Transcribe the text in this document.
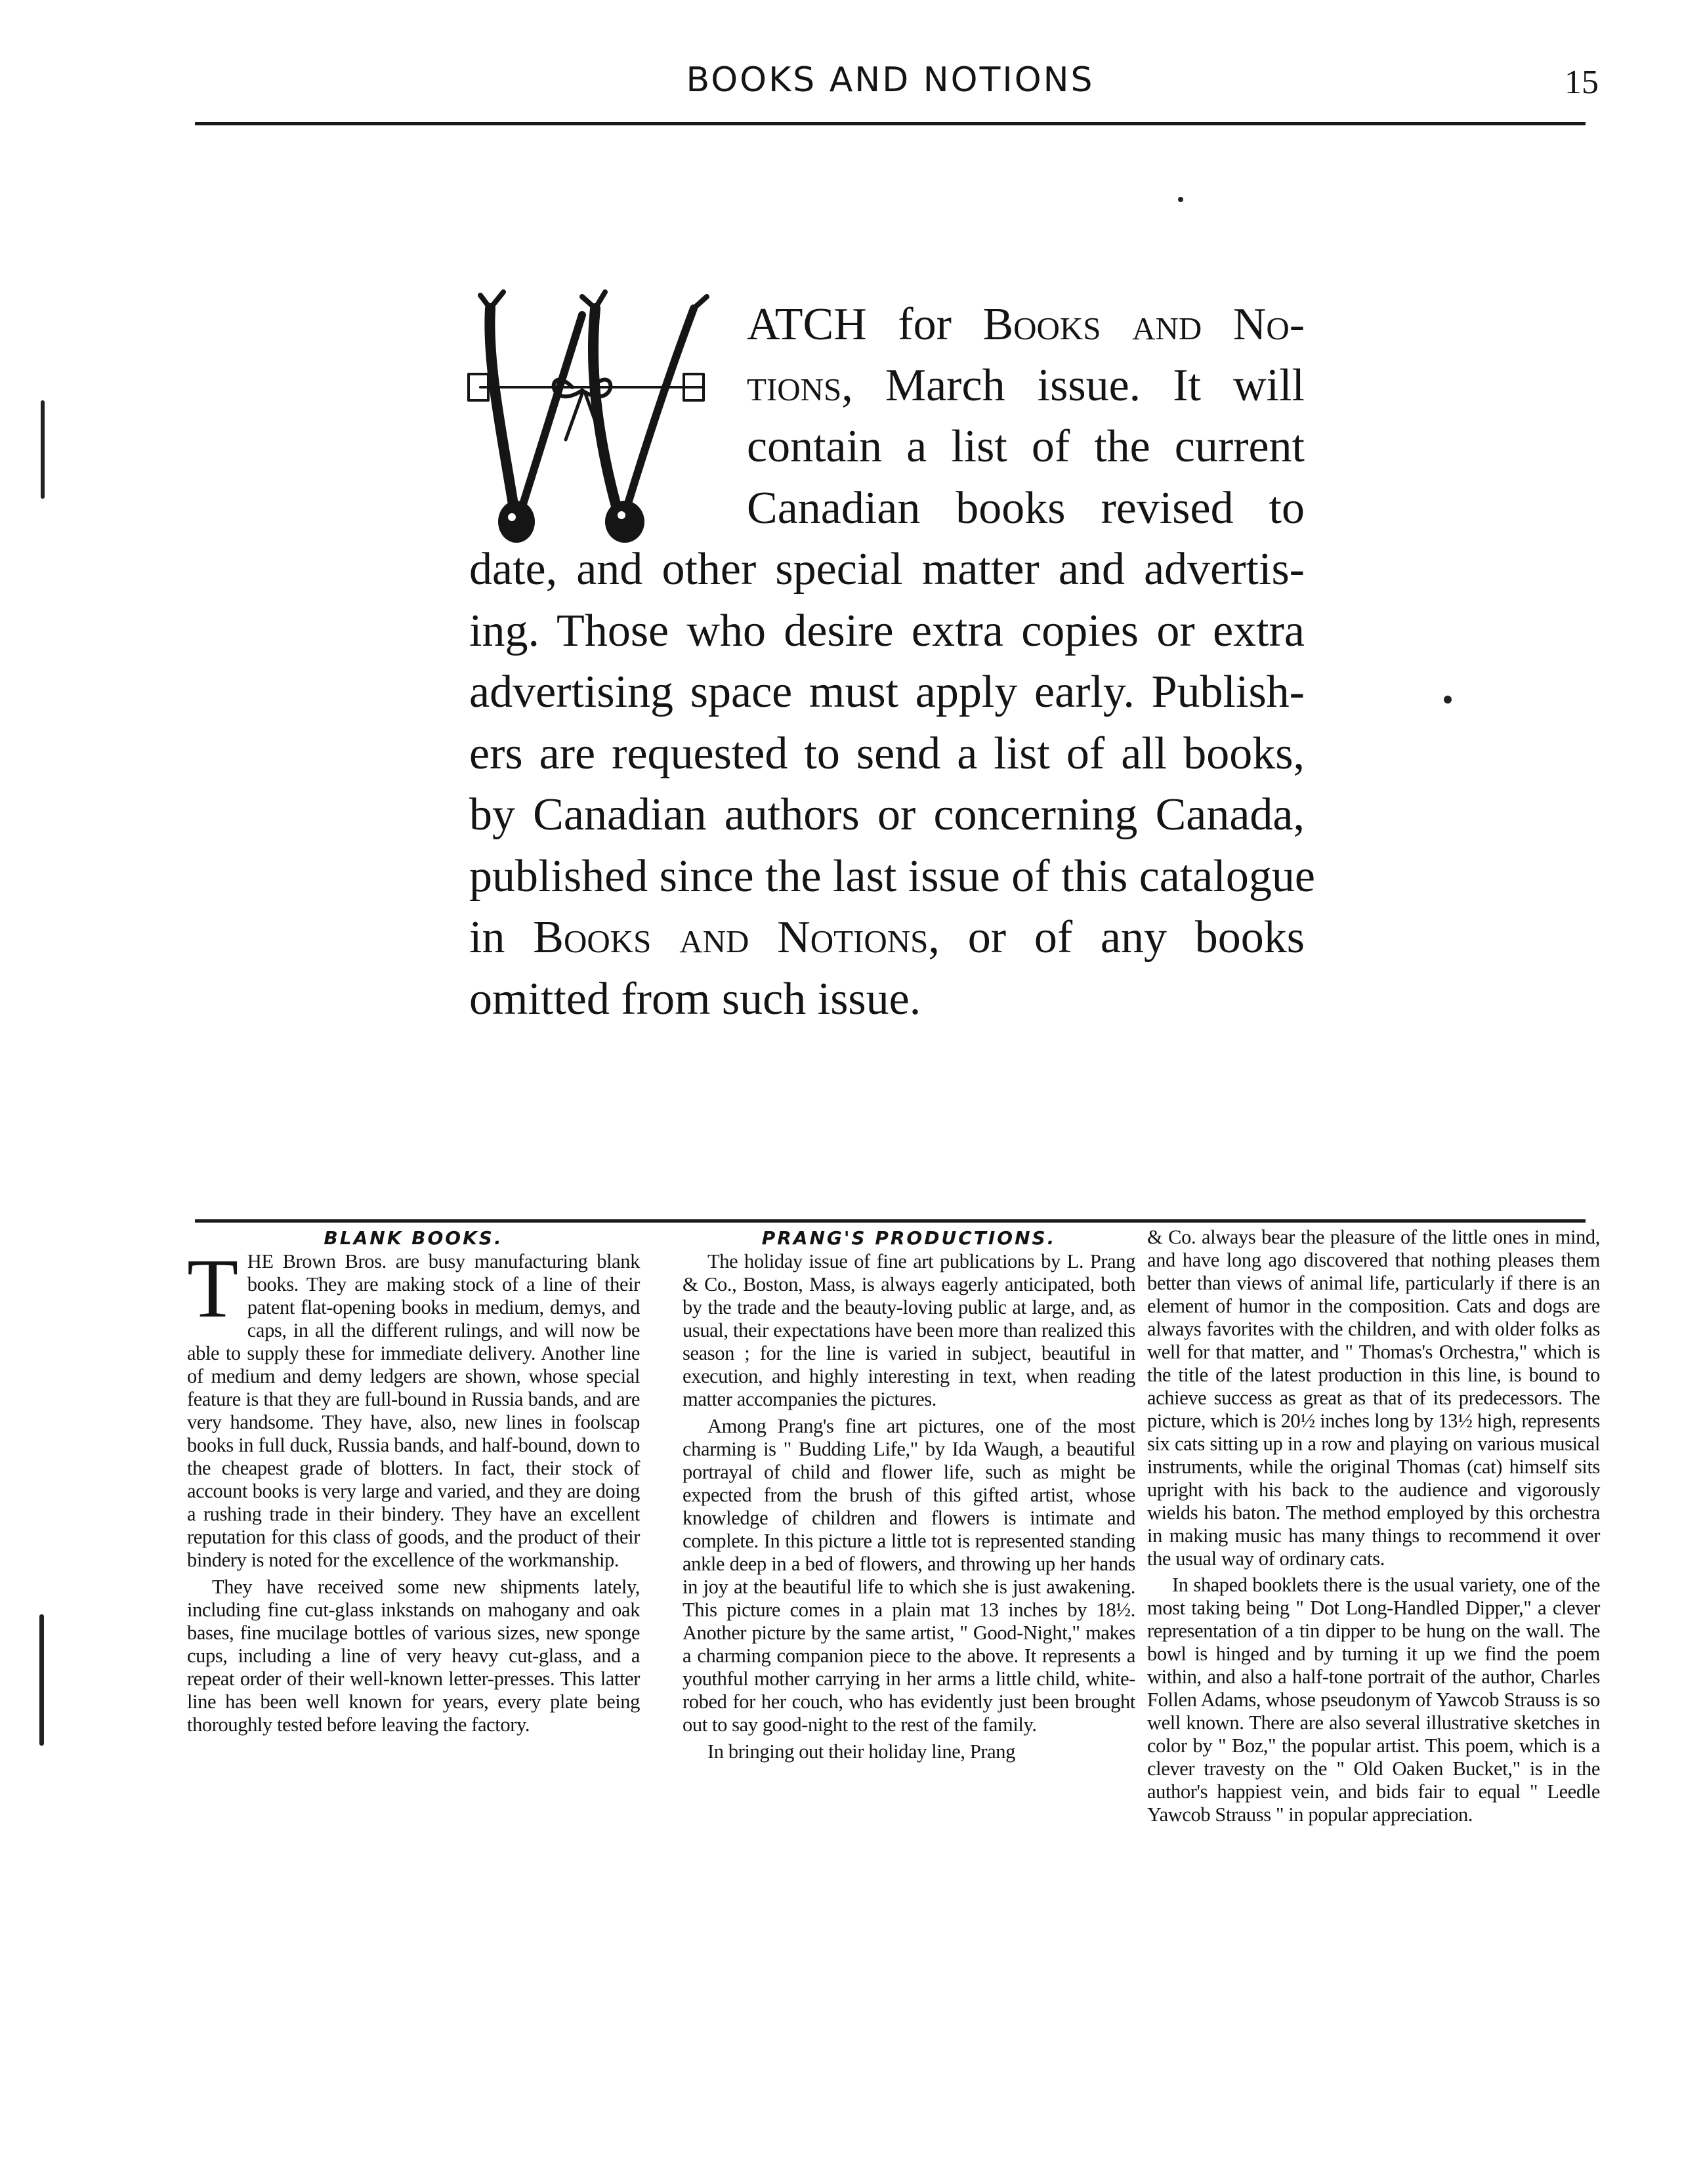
BOOKS AND NOTIONS	15
ATCH for Books and No-
tions, March issue. It will
contain a list of the current
Canadian books revised to
date, and other special matter and advertis-
ing. Those who desire extra copies or extra
advertising space must apply early. Publish-
ers are requested to send a list of all books,
by Canadian authors or concerning Canada,
published since the last issue of this catalogue
in Books and Notions, or of any books
omitted from such issue.
BLANK BOOKS.

THE Brown Bros. are busy manufacturing blank books. They are making stock of a line of their patent flat-opening books in medium, demys, and caps, in all the different rulings, and will now be able to supply these for immediate delivery. Another line of medium and demy ledgers are shown, whose special feature is that they are full-bound in Russia bands, and are very handsome. They have, also, new lines in foolscap books in full duck, Russia bands, and half-bound, down to the cheapest grade of blotters. In fact, their stock of account books is very large and varied, and they are doing a rushing trade in their bindery. They have an excellent reputation for this class of goods, and the product of their bindery is noted for the excellence of the workmanship.

They have received some new shipments lately, including fine cut-glass inkstands on mahogany and oak bases, fine mucilage bottles of various sizes, new sponge cups, including a line of very heavy cut-glass, and a repeat order of their well-known letter-presses. This latter line has been well known for years, every plate being thoroughly tested before leaving the factory.

PRANG'S PRODUCTIONS.

The holiday issue of fine art publications by L. Prang & Co., Boston, Mass, is always eagerly anticipated, both by the trade and the beauty-loving public at large, and, as usual, their expectations have been more than realized this season ; for the line is varied in subject, beautiful in execution, and highly interesting in text, when reading matter accompanies the pictures.

Among Prang's fine art pictures, one of the most charming is " Budding Life," by Ida Waugh, a beautiful portrayal of child and flower life, such as might be expected from the brush of this gifted artist, whose knowledge of children and flowers is intimate and complete. In this picture a little tot is represented standing ankle deep in a bed of flowers, and throwing up her hands in joy at the beautiful life to which she is just awakening. This picture comes in a plain mat 13 inches by 18½. Another picture by the same artist, " Good-Night," makes a charming companion piece to the above. It represents a youthful mother carrying in her arms a little child, white-robed for her couch, who has evidently just been brought out to say good-night to the rest of the family.

In bringing out their holiday line, Prang

& Co. always bear the pleasure of the little ones in mind, and have long ago discovered that nothing pleases them better than views of animal life, particularly if there is an element of humor in the composition. Cats and dogs are always favorites with the children, and with older folks as well for that matter, and " Thomas's Orchestra," which is the title of the latest production in this line, is bound to achieve success as great as that of its predecessors. The picture, which is 20½ inches long by 13½ high, represents six cats sitting up in a row and playing on various musical instruments, while the original Thomas (cat) himself sits upright with his back to the audience and vigorously wields his baton. The method employed by this orchestra in making music has many things to recommend it over the usual way of ordinary cats.

In shaped booklets there is the usual variety, one of the most taking being " Dot Long-Handled Dipper," a clever representation of a tin dipper to be hung on the wall. The bowl is hinged and by turning it up we find the poem within, and also a half-tone portrait of the author, Charles Follen Adams, whose pseudonym of Yawcob Strauss is so well known. There are also several illustrative sketches in color by " Boz," the popular artist. This poem, which is a clever travesty on the " Old Oaken Bucket," is in the author's happiest vein, and bids fair to equal " Leedle Yawcob Strauss " in popular appreciation.
